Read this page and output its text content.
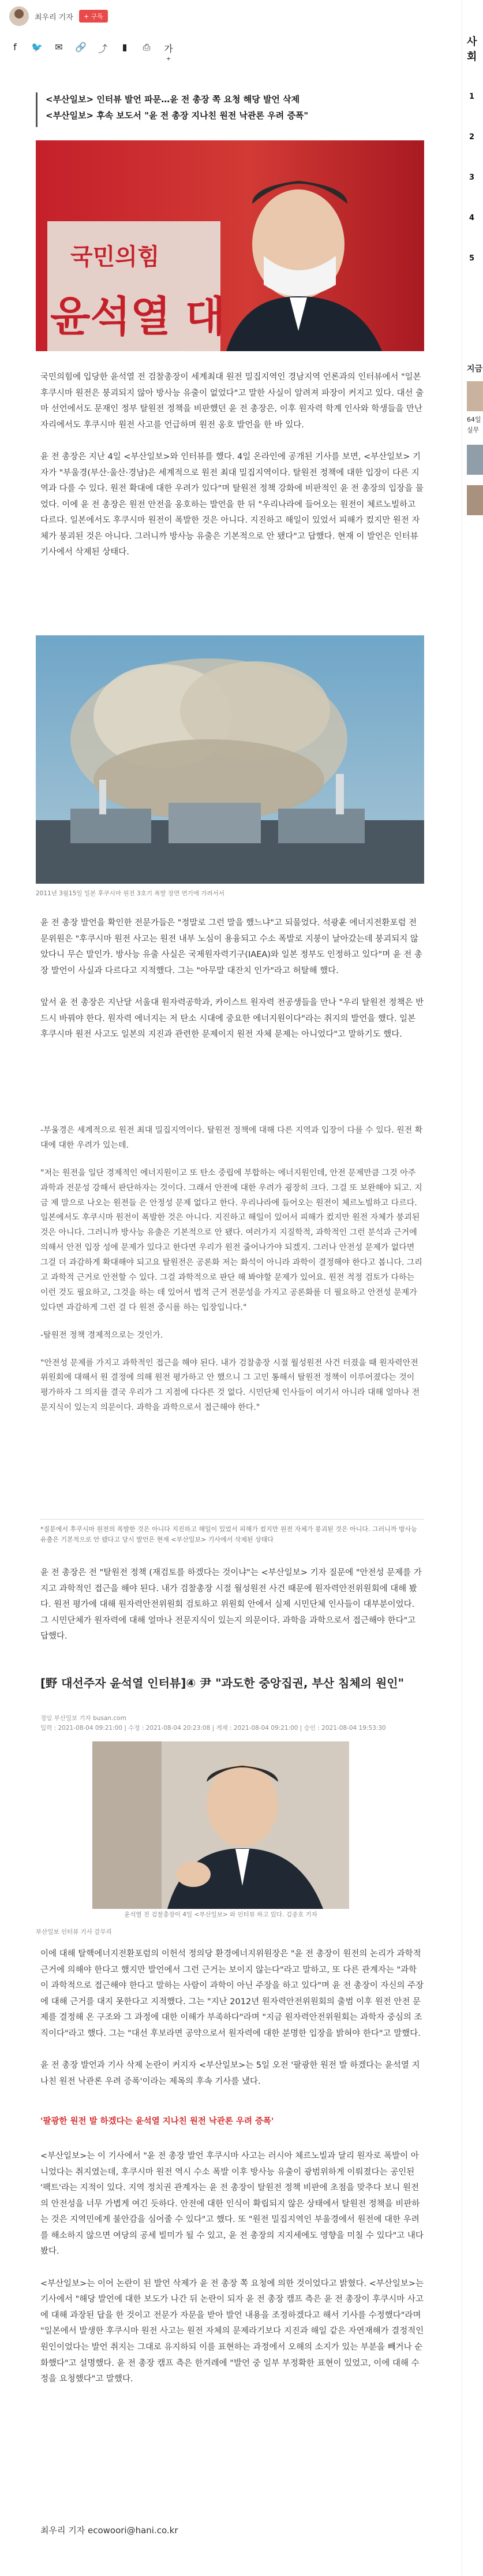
최우리 기자	+ 구독
f	🐦 ✉ 🔗 ⤴	▮	⎙ 가⁺

<부산일보> 인터뷰 발언 파문…윤 전 총장 쪽 요청 해당 발언 삭제

<부산일보> 후속 보도서 "윤 전 총장 지나친 원전 낙관론 우려 증폭"

국민의힘
윤석열 대

국민의힘에 입당한 윤석열 전 검찰총장이 세계최대 원전 밀집지역인 경남지역 언론과의 인터뷰에서 "일본 후쿠시마 원전은 붕괴되지 않아 방사능 유출이 없었다"고 말한 사실이 알려져 파장이 커지고 있다. 대선 출마 선언에서도 문재인 정부 탈원전 정책을 비판했던 윤 전 총장은, 이후 원자력 학계 인사와 학생들을 만난 자리에서도 후쿠시마 원전 사고를 언급하며 원전 옹호 발언을 한 바 있다.

윤 전 총장은 지난 4일 <부산일보>와 인터뷰를 했다. 4일 온라인에 공개된 기사를 보면, <부산일보> 기자가 "부울경(부산·울산·경남)은 세계적으로 원전 최대 밀집지역이다. 탈원전 정책에 대한 입장이 다른 지역과 다를 수 있다. 원전 확대에 대한 우려가 있다"며 탈원전 정책 강화에 비판적인 윤 전 총장의 입장을 물었다. 이에 윤 전 총장은 원전 안전을 옹호하는 발언을 한 뒤 "우리나라에 들어오는 원전이 체르노빌하고 다르다. 일본에서도 후쿠시마 원전이 폭발한 것은 아니다. 지진하고 해일이 있었서 피해가 컸지만 원전 자체가 붕괴된 것은 아니다. 그러니까 방사능 유출은 기본적으로 안 됐다"고 답했다. 현재 이 발언은 인터뷰 기사에서 삭제된 상태다.

2011년 3월15일 일본 후쿠시마 원전 3호기 폭발 장면 연기에 가려서서

윤 전 총장 발언을 확인한 전문가들은 "정말로 그런 말을 했느냐"고 되물었다. 석광훈 에너지전환포럼 전문위원은 "후쿠시마 원전 사고는 원전 내부 노심이 용융되고 수소 폭발로 지붕이 날아갔는데 붕괴되지 않았다니 무슨 말인가. 방사능 유출 사실은 국제원자력기구(IAEA)와 일본 정부도 인정하고 있다"며 윤 전 총장 발언이 사실과 다르다고 지적했다. 그는 "아무말 대잔치 인가"라고 허탈해 했다.

앞서 윤 전 총장은 지난달 서울대 원자력공학과, 카이스트 원자력 전공생들을 만나 "우리 탈원전 정책은 반드시 바꿔야 한다. 원자력 에너지는 저 탄소 시대에 중요한 에너지원이다"라는 취지의 발언을 했다. 일본 후쿠시마 원전 사고도 일본의 지진과 관련한 문제이지 원전 자체 문제는 아니었다"고 말하기도 했다.

-부울경은 세계적으로 원전 최대 밀집지역이다. 탈원전 정책에 대해 다른 지역과 입장이 다를 수 있다. 원전 확대에 대한 우려가 있는데.

"저는 원전을 일단 경제적인 에너지원이고 또 탄소 중립에 부합하는 에너지원인데, 안전 문제만큼 그것 아주 과학과 전문성 강해서 판단하자는 것이다. 그래서 안전에 대한 우려가 굉장히 크다. 그걸 또 보완해야 되고. 지금 제 말으로 나오는 원전들 은 안정성 문제 없다고 한다. 우리나라에 들어오는 원전이 체르노빌하고 다르다. 일본에서도 후쿠시마 원전이 폭발한 것은 아니다. 지진하고 해일이 있어서 피해가 컸지만 원전 자체가 붕괴된 것은 아니다. 그러니까 방사능 유출은 기본적으로 안 됐다. 여러가지 지질학적, 과학적인 그런 분석과 근거에 의해서 안전 입장 성에 문제가 있다고 한다면 우리가 원전 줄어나가야 되겠지. 그러나 안전성 문제가 없다면 그걸 더 과감하게 확대해야 되고요 탈원전은 공론화 저는 화석이 아니라 과학이 결정해야 한다고 봅니다. 그리고 과학적 근거로 안전할 수 있다. 그걸 과학적으로 판단 해 봐야할 문제가 있어요. 원전 적정 검토가 다하는 이런 것도 필요하고, 그것을 하는 데 있어서 법적 근거 전문성을 가지고 공론화를 더 필요하고 안전성 문제가 있다면 과감하게 그런 걸 다 원전 중시를 하는 입장입니다."

-탈원전 정책 경제적으로는 것인가.

"안전성 문제를 가지고 과학적인 접근을 해야 된다. 내가 검찰총장 시절 월성원전 사건 터졌을 때 원자력안전위원회에 대해서 원 결정에 의해 원전 평가하고 안 했으니 그 고민 통해서 탈원전 정책이 이루어졌다는 것이 평가하자 그 의지를 결국 우리가 그 지점에 다다른 것 없다. 시민단체 인사들이 여기서 아니라 대해 얼마나 전문지식이 있는지 의문이다. 과학을 과학으로서 접근해야 한다."

*질문에서 후쿠시마 원전의 폭발한 것은 아니다 지진하고 해일이 있었서 피해가 컸지만 원전 자체가 붕괴된 것은 아니다. 그러니까 방사능 유출은 기본적으로 안 됐다고 당시 발언은 현재 <부산일보> 기사에서 삭제된 상태다

윤 전 총장은 전 "탈원전 정책 (재검토를 하겠다는 것이냐"는 <부산일보> 기자 질문에 "안전성 문제를 가지고 과학적인 접근을 해야 된다. 내가 검찰총장 시절 월성원전 사건 때문에 원자력안전위원회에 대해 봤다. 원전 평가에 대해 원자력안전위원회 검토하고 위원회 안에서 실제 시민단체 인사들이 대부분이었다. 그 시민단체가 원자력에 대해 얼마나 전문지식이 있는지 의문이다. 과학을 과학으로서 접근해야 한다"고 답했다.

[野 대선주자 윤석열 인터뷰]④ 尹 "과도한 중앙집권, 부산 침체의 원인"
정임 부산일보 기자 busan.com
입력 : 2021-08-04 09:21:00 | 수정 : 2021-08-04 20:23:08 | 게재 : 2021-08-04 09:21:00 | 승인 : 2021-08-04 19:53:30
윤석열 전 검찰총장이 4일 <부산일보> 와 인터뷰 하고 있다. 김종호 기자
부산일보 인터뷰 기사 갈무리

이에 대해 탈핵에너지전환포럼의 이헌석 정의당 환경에너지위원장은 "윤 전 총장이 원전의 논리가 과학적 근거에 의해야 한다고 했지만 발언에서 그런 근거는 보이지 않는다"라고 말하고, 또 다른 관계자는 "과학이 과학적으로 접근해야 한다고 말하는 사람이 과학이 아닌 주장을 하고 있다"며 윤 전 총장이 자신의 주장에 대해 근거를 대지 못한다고 지적했다. 그는 "지난 2012년 원자력안전위원회의 출범 이후 원전 안전 문제를 결정해 온 구조와 그 과정에 대한 이해가 부족하다"라며 "지금 원자력안전위원회는 과학자 중심의 조직이다"라고 했다. 그는 "대선 후보라면 공약으로서 원자력에 대한 분명한 입장을 밝혀야 한다"고 말했다.

윤 전 총장 발언과 기사 삭제 논란이 커지자 <부산일보>는 5일 오전 '팔광한 원전 발 하겠다는 윤석열 지나친 원전 낙관론 우려 증폭'이라는 제목의 후속 기사를 냈다.

'팔광한 원전 발 하겠다는 윤석열 지나친 원전 낙관론 우려 증폭'

<부산일보>는 이 기사에서 "윤 전 총장 발언 후쿠시마 사고는 러시아 체르노빌과 달리 원자로 폭발이 아니었다는 취지였는데, 후쿠시마 원전 역시 수소 폭발 이후 방사능 유출이 광범위하게 이뤄졌다는 공인된 '팩트'라는 지적이 있다. 지역 정치권 관계자는 윤 전 총장이 탈원전 정책 비판에 초점을 맞추다 보니 원전의 안전성을 너무 가볍게 여긴 듯하다. 안전에 대한 인식이 확립되지 않은 상태에서 탈원전 정책을 비판하는 것은 지역민에게 불안감을 심어줄 수 있다"고 했다. 또 "원전 밀집지역인 부울경에서 원전에 대한 우려를 해소하지 않으면 여당의 공세 빌미가 될 수 있고, 윤 전 총장의 지지세에도 영향을 미칠 수 있다"고 내다봤다.

<부산일보>는 이어 논란이 된 발언 삭제가 윤 전 총장 쪽 요청에 의한 것이었다고 밝혔다. <부산일보>는 기사에서 "해당 발언에 대한 보도가 나간 뒤 논란이 되자 윤 전 총장 캠프 측은 윤 전 총장이 후쿠시마 사고에 대해 과장된 답을 한 것이고 전문가 자문을 받아 발언 내용을 조정하겠다고 해서 기사를 수정했다"라며 "일본에서 발생한 후쿠시마 원전 사고는 원전 자체의 문제라기보다 지진과 해일 같은 자연재해가 결정적인 원인이었다는 발언 취지는 그대로 유지하되 이를 표현하는 과정에서 오해의 소지가 있는 부분을 빼거나 순화했다"고 설명했다. 윤 전 총장 캠프 측은 한겨레에 "발언 중 일부 부정확한 표현이 있었고, 이에 대해 수정을 요청했다"고 말했다.

최우리 기자 ecowoori@hani.co.kr
사회
1
2
3
4
5
지금
64일
실무
